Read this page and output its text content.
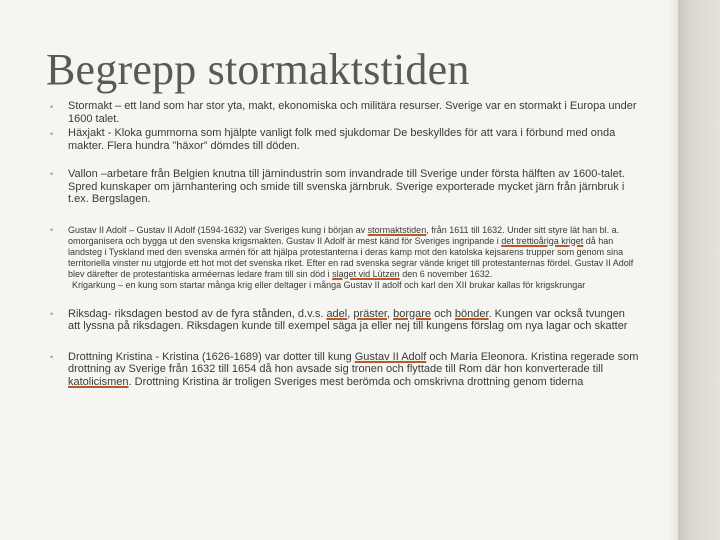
Begrepp stormaktstiden
• Stormakt – ett land som har stor yta, makt, ekonomiska och militära resurser. Sverige var en stormakt i Europa under 1600 talet.
• Häxjakt - Kloka gummorna som hjälpte vanligt folk med sjukdomar De beskylldes för att vara i förbund med onda makter. Flera hundra ”häxor” dömdes till döden.
• Vallon –arbetare från Belgien knutna till järnindustrin som invandrade till Sverige under första hälften av 1600-talet. Spred kunskaper om järnhantering och smide till svenska järnbruk. Sverige exporterade mycket järn från järnbruk i t.ex. Bergslagen.
• Gustav II Adolf – Gustav II Adolf (1594-1632) var Sveriges kung i början av stormaktstiden, från 1611 till 1632. Under sitt styre lät han bl. a. omorganisera och bygga ut den svenska krigsmakten. Gustav II Adolf är mest känd för Sveriges ingripande i det trettioåriga kriget då han landsteg i Tyskland med den svenska armén för att hjälpa protestanterna i deras kamp mot den katolska kejsarens trupper som genom sina territoriella vinster nu utgjorde ett hot mot det svenska riket. Efter en rad svenska segrar vände kriget till protestanternas fördel. Gustav II Adolf blev därefter de protestantiska arméernas ledare fram till sin död i slaget vid Lützen den 6 november 1632.
Krigarkung – en kung som startar många krig eller deltager i många Gustav II adolf och karl den XII brukar kallas för krigskrungar
• Riksdag- riksdagen bestod av de fyra stånden, d.v.s. adel, präster, borgare och bönder. Kungen var också tvungen att lyssna på riksdagen. Riksdagen kunde till exempel säga ja eller nej till kungens förslag om nya lagar och skatter
• Drottning Kristina - Kristina (1626-1689) var dotter till kung Gustav II Adolf och Maria Eleonora. Kristina regerade som drottning av Sverige från 1632 till 1654 då hon avsade sig tronen och flyttade till Rom där hon konverterade till katolicismen. Drottning Kristina är troligen Sveriges mest berömda och omskrivna drottning genom tiderna
